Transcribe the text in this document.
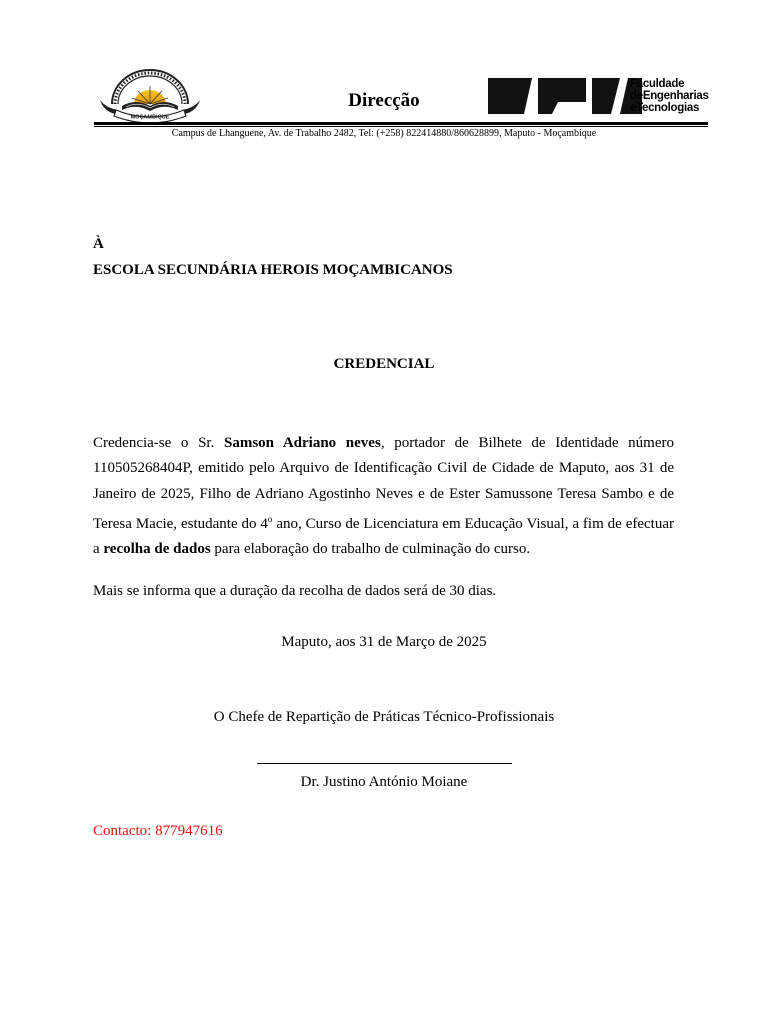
MOÇAMBIQUE
Direcção
Faculdade
deEngenharias
eTecnologias
Campus de Lhanguene, Av. de Trabalho 2482, Tel: (+258) 822414880/860628899, Maputo - Moçambique
À
ESCOLA SECUNDÁRIA HEROIS MOÇAMBICANOS
CREDENCIAL
Credencia-se o Sr. Samson Adriano neves, portador de Bilhete de Identidade número 110505268404P, emitido pelo Arquivo de Identificação Civil de Cidade de Maputo, aos 31 de Janeiro de 2025, Filho de Adriano Agostinho Neves e de Ester Samussone Teresa Sambo e de Teresa Macie, estudante do 4$^o$ ano, Curso de Licenciatura em Educação Visual, a fim de efectuar a recolha de dados para elaboração do trabalho de culminação do curso.
Mais se informa que a duração da recolha de dados será de 30 dias.
Maputo, aos 31 de Março de 2025
O Chefe de Repartição de Práticas Técnico-Profissionais
Dr. Justino António Moiane
Contacto: 877947616
